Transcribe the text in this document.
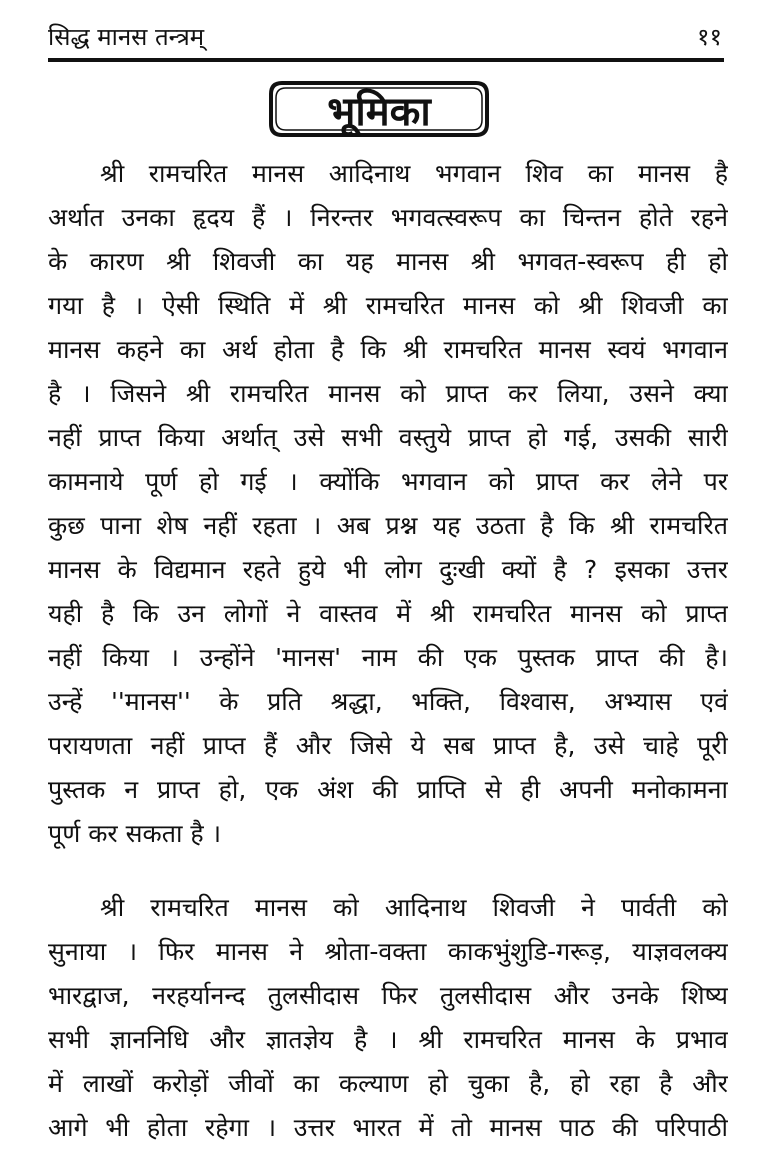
सिद्ध मानस तन्त्रम्	११
भूमिका
श्री रामचरित मानस आदिनाथ भगवान शिव का मानस है
अर्थात उनका हृदय हैं । निरन्तर भगवत्स्वरूप का चिन्तन होते रहने
के कारण श्री शिवजी का यह मानस श्री भगवत-स्वरूप ही हो
गया है । ऐसी स्थिति में श्री रामचरित मानस को श्री शिवजी का
मानस कहने का अर्थ होता है कि श्री रामचरित मानस स्वयं भगवान
है । जिसने श्री रामचरित मानस को प्राप्त कर लिया, उसने क्या
नहीं प्राप्त किया अर्थात् उसे सभी वस्तुये प्राप्त हो गई, उसकी सारी
कामनाये पूर्ण हो गई । क्योंकि भगवान को प्राप्त कर लेने पर
कुछ पाना शेष नहीं रहता । अब प्रश्न यह उठता है कि श्री रामचरित
मानस के विद्यमान रहते हुये भी लोग दुःखी क्यों है ? इसका उत्तर
यही है कि उन लोगों ने वास्तव में श्री रामचरित मानस को प्राप्त
नहीं किया । उन्होंने 'मानस' नाम की एक पुस्तक प्राप्त की है।
उन्हें ''मानस'' के प्रति श्रद्धा, भक्ति, विश्वास, अभ्यास एवं
परायणता नहीं प्राप्त हैं और जिसे ये सब प्राप्त है, उसे चाहे पूरी
पुस्तक न प्राप्त हो, एक अंश की प्राप्ति से ही अपनी मनोकामना
पूर्ण कर सकता है ।
श्री रामचरित मानस को आदिनाथ शिवजी ने पार्वती को
सुनाया । फिर मानस ने श्रोता-वक्ता काकभुंशुडि-गरूड़, याज्ञवलक्य
भारद्वाज, नरहर्यानन्द तुलसीदास फिर तुलसीदास और उनके शिष्य
सभी ज्ञाननिधि और ज्ञातज्ञेय है । श्री रामचरित मानस के प्रभाव
में लाखों करोड़ों जीवों का कल्याण हो चुका है, हो रहा है और
आगे भी होता रहेगा । उत्तर भारत में तो मानस पाठ की परिपाठी
